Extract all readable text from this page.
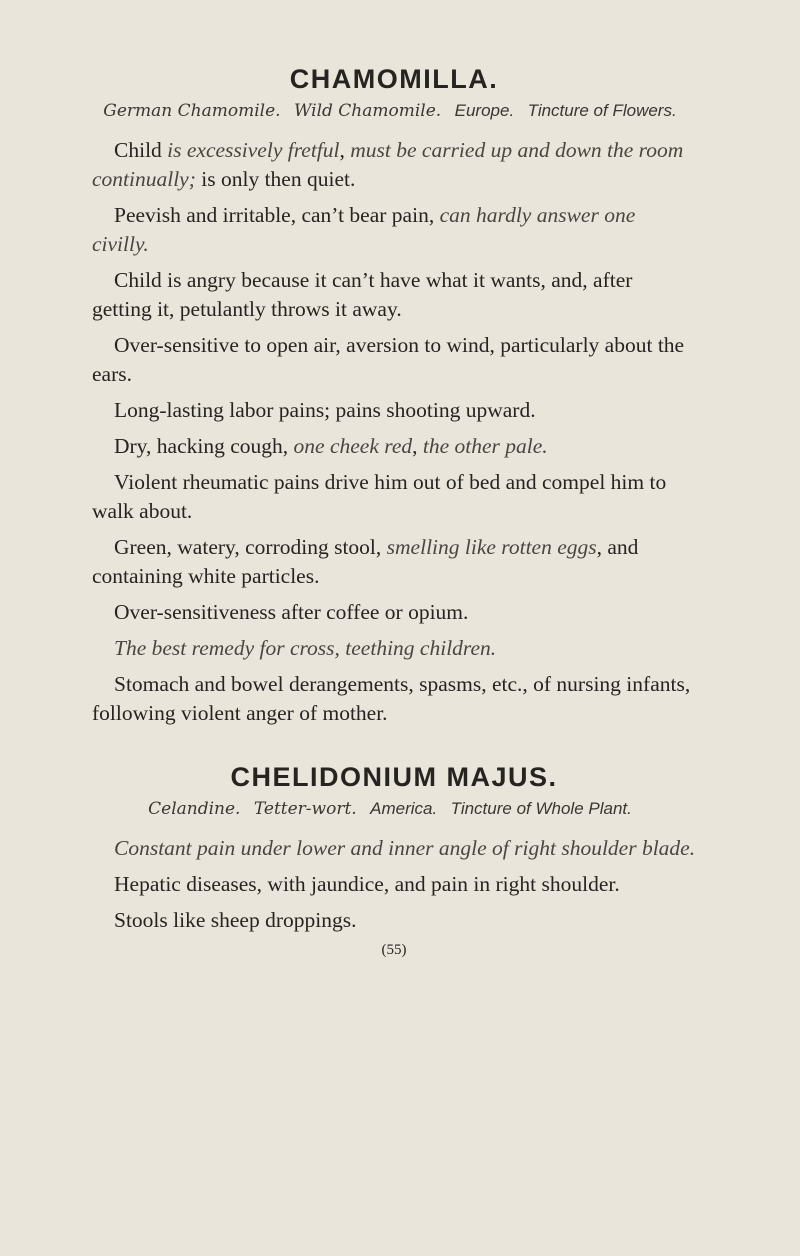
CHAMOMILLA.
German Chamomile. Wild Chamomile. Europe. Tincture of Flowers.
Child is excessively fretful, must be carried up and down the room continually; is only then quiet.
Peevish and irritable, can’t bear pain, can hardly answer one civilly.
Child is angry because it can’t have what it wants, and, after getting it, petulantly throws it away.
Over-sensitive to open air, aversion to wind, particularly about the ears.
Long-lasting labor pains; pains shooting upward.
Dry, hacking cough, one cheek red, the other pale.
Violent rheumatic pains drive him out of bed and compel him to walk about.
Green, watery, corroding stool, smelling like rotten eggs, and containing white particles.
Over-sensitiveness after coffee or opium.
The best remedy for cross, teething children.
Stomach and bowel derangements, spasms, etc., of nursing infants, following violent anger of mother.
CHELIDONIUM MAJUS.
Celandine. Tetter-wort. America. Tincture of Whole Plant.
Constant pain under lower and inner angle of right shoulder blade.
Hepatic diseases, with jaundice, and pain in right shoulder.
Stools like sheep droppings.
(55)
